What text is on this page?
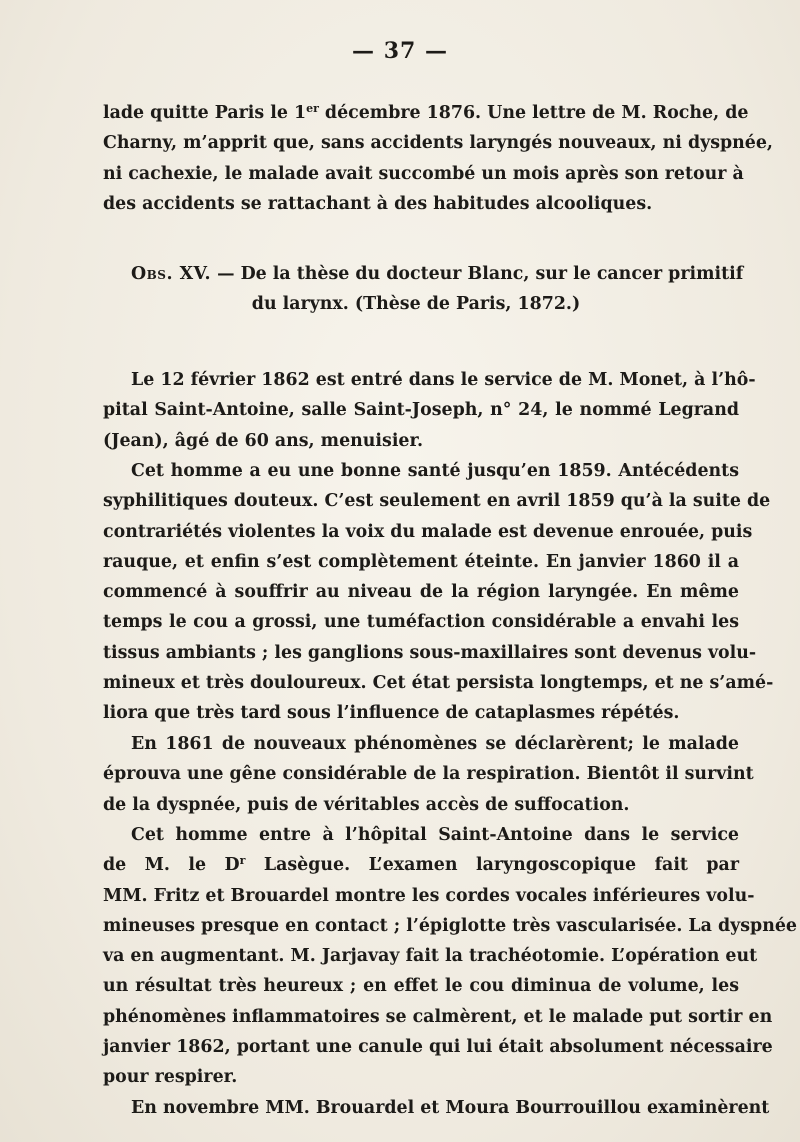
— 37 —
lade quitte Paris le 1er décembre 1876. Une lettre de M. Roche, de
Charny, m’apprit que, sans accidents laryngés nouveaux, ni dyspnée,
ni cachexie, le malade avait succombé un mois après son retour à
des accidents se rattachant à des habitudes alcooliques.
Obs. XV. — De la thèse du docteur Blanc, sur le cancer primitif
du larynx. (Thèse de Paris, 1872.)
Le 12 février 1862 est entré dans le service de M. Monet, à l’hô-
pital Saint-Antoine, salle Saint-Joseph, n° 24, le nommé Legrand
(Jean), âgé de 60 ans, menuisier.
Cet homme a eu une bonne santé jusqu’en 1859. Antécédents
syphilitiques douteux. C’est seulement en avril 1859 qu’à la suite de
contrariétés violentes la voix du malade est devenue enrouée, puis
rauque, et enfin s’est complètement éteinte. En janvier 1860 il a
commencé à souffrir au niveau de la région laryngée. En même
temps le cou a grossi, une tuméfaction considérable a envahi les
tissus ambiants ; les ganglions sous-maxillaires sont devenus volu-
mineux et très douloureux. Cet état persista longtemps, et ne s’amé-
liora que très tard sous l’influence de cataplasmes répétés.
En 1861 de nouveaux phénomènes se déclarèrent; le malade
éprouva une gêne considérable de la respiration. Bientôt il survint
de la dyspnée, puis de véritables accès de suffocation.
Cet homme entre à l’hôpital Saint-Antoine dans le service
de M. le $D^r$ Lasègue. L’examen laryngoscopique fait par
MM. Fritz et Brouardel montre les cordes vocales inférieures volu-
mineuses presque en contact ; l’épiglotte très vascularisée. La dyspnée
va en augmentant. M. Jarjavay fait la trachéotomie. L’opération eut
un résultat très heureux ; en effet le cou diminua de volume, les
phénomènes inflammatoires se calmèrent, et le malade put sortir en
janvier 1862, portant une canule qui lui était absolument nécessaire
pour respirer.
En novembre MM. Brouardel et Moura Bourrouillou examinèrent
